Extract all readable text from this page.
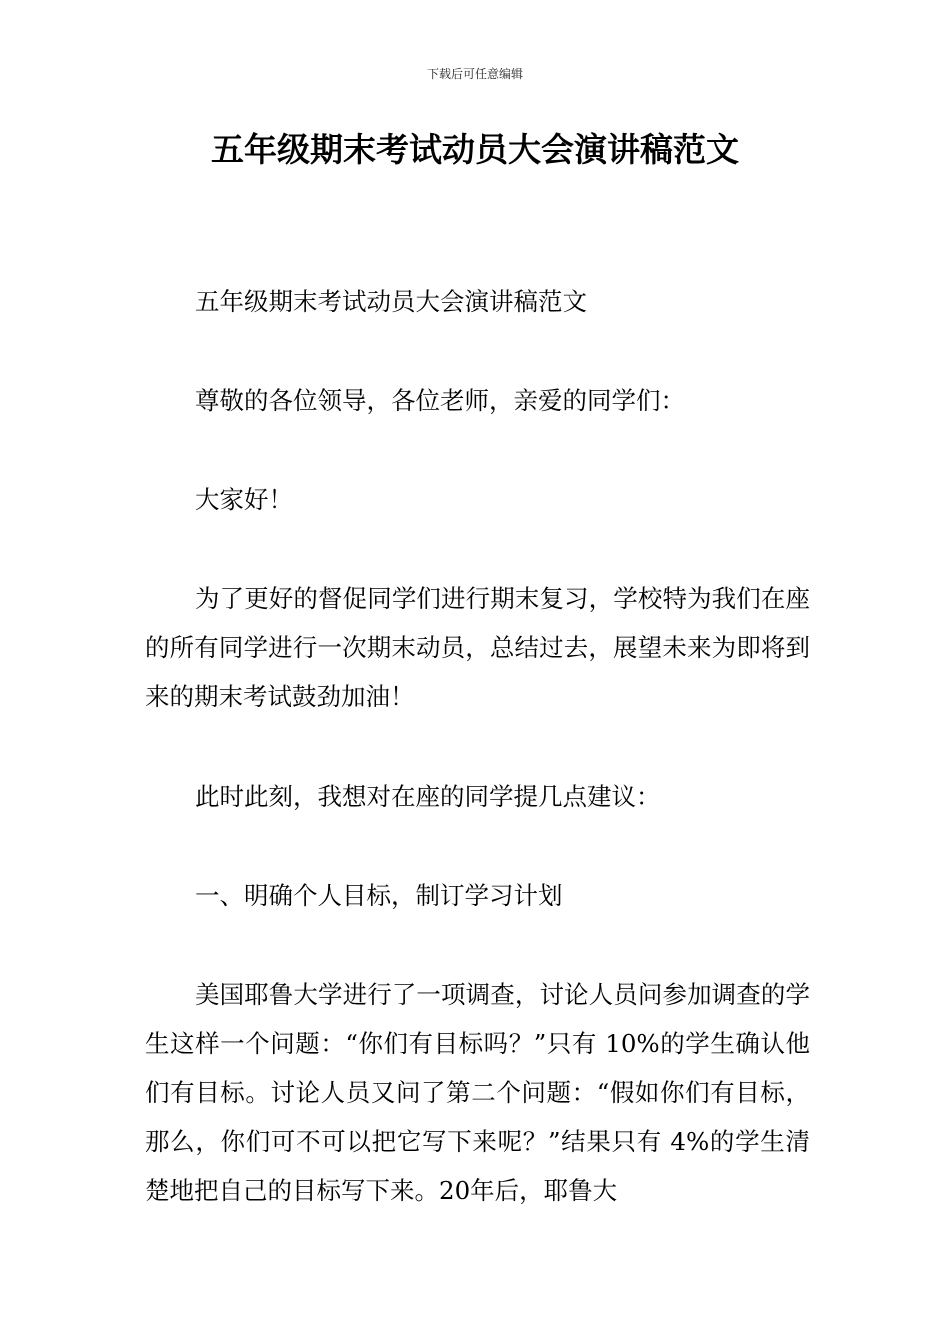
下载后可任意编辑
五年级期末考试动员大会演讲稿范文

五年级期末考试动员大会演讲稿范文

尊敬的各位领导，各位老师，亲爱的同学们：

大家好！

为了更好的督促同学们进行期末复习，学校特为我们在座的所有同学进行一次期末动员，总结过去，展望未来为即将到来的期末考试鼓劲加油！

此时此刻，我想对在座的同学提几点建议：

一、明确个人目标，制订学习计划

美国耶鲁大学进行了一项调查，讨论人员问参加调查的学生这样一个问题：“你们有目标吗？”只有 10%的学生确认他们有目标。讨论人员又问了第二个问题：“假如你们有目标，那么，你们可不可以把它写下来呢？”结果只有 4%的学生清楚地把自己的目标写下来。20年后，耶鲁大
